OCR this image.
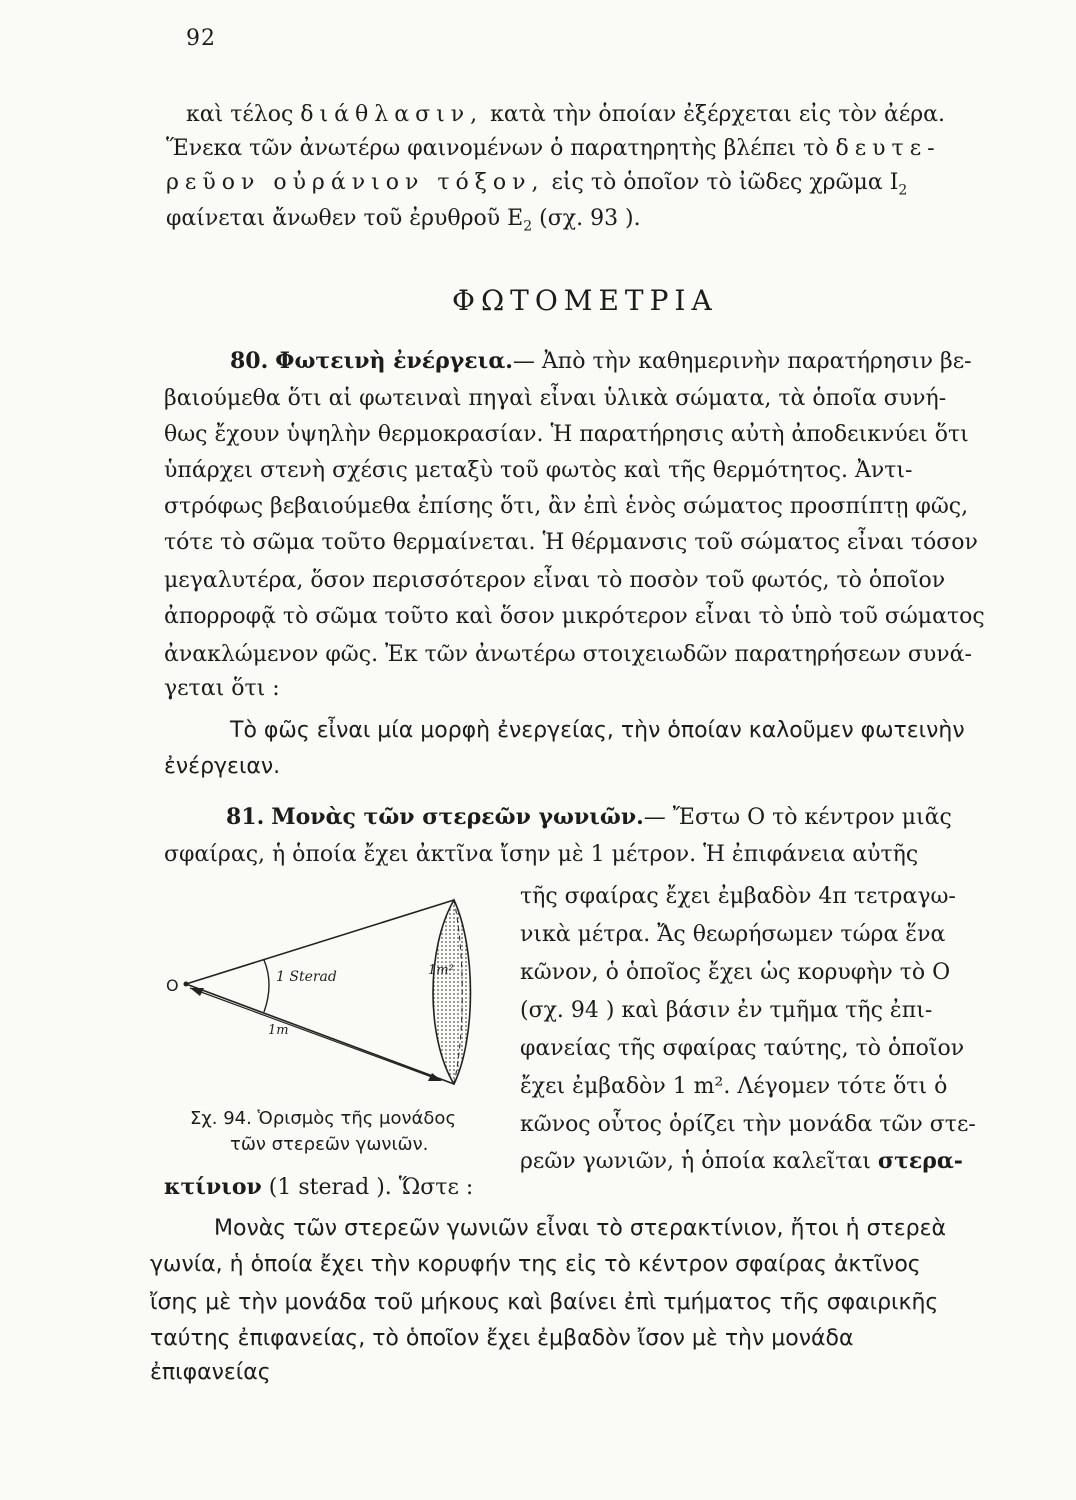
92
καὶ τέλος διάθλασιν, κατὰ τὴν ὁποίαν ἐξέρχεται εἰς τὸν ἀέρα.
Ἕνεκα τῶν ἀνωτέρω φαινομένων ὁ παρατηρητὴς βλέπει τὸ δευτε-
ρεῦον οὐράνιον τόξον, εἰς τὸ ὁποῖον τὸ ἰῶδες χρῶμα $I_2$
φαίνεται ἄνωθεν τοῦ ἐρυθροῦ $E_2$ (σχ. 93 ).
ΦΩΤΟΜΕΤΡΙΑ
80. Φωτεινὴ ἐνέργεια.— Ἀπὸ τὴν καθημερινὴν παρατήρησιν βε-
βαιούμεθα ὅτι αἱ φωτειναὶ πηγαὶ εἶναι ὑλικὰ σώματα, τὰ ὁποῖα συνή-
θως ἔχουν ὑψηλὴν θερμοκρασίαν. Ἡ παρατήρησις αὐτὴ ἀποδεικνύει ὅτι
ὑπάρχει στενὴ σχέσις μεταξὺ τοῦ φωτὸς καὶ τῆς θερμότητος. Ἀντι-
στρόφως βεβαιούμεθα ἐπίσης ὅτι, ἂν ἐπὶ ἑνὸς σώματος προσπίπτῃ φῶς,
τότε τὸ σῶμα τοῦτο θερμαίνεται. Ἡ θέρμανσις τοῦ σώματος εἶναι τόσον
μεγαλυτέρα, ὅσον περισσότερον εἶναι τὸ ποσὸν τοῦ φωτός, τὸ ὁποῖον
ἀπορροφᾷ τὸ σῶμα τοῦτο καὶ ὅσον μικρότερον εἶναι τὸ ὑπὸ τοῦ σώματος
ἀνακλώμενον φῶς. Ἐκ τῶν ἀνωτέρω στοιχειωδῶν παρατηρήσεων συνά-
γεται ὅτι :
Τὸ φῶς εἶναι μία μορφὴ ἐνεργείας, τὴν ὁποίαν καλοῦμεν φωτεινὴν
ἐνέργειαν.
81. Μονὰς τῶν στερεῶν γωνιῶν.— Ἔστω O τὸ κέντρον μιᾶς
σφαίρας, ἡ ὁποία ἔχει ἀκτῖνα ἴσην μὲ 1 μέτρον. Ἡ ἐπιφάνεια αὐτῆς
τῆς σφαίρας ἔχει ἐμβαδὸν 4π τετραγω-
νικὰ μέτρα. Ἄς θεωρήσωμεν τώρα ἕνα
κῶνον, ὁ ὁποῖος ἔχει ὡς κορυφὴν τὸ O
(σχ. 94 ) καὶ βάσιν ἐν τμῆμα τῆς ἐπι-
φανείας τῆς σφαίρας ταύτης, τὸ ὁποῖον
ἔχει ἐμβαδὸν 1 m². Λέγομεν τότε ὅτι ὁ
κῶνος οὗτος ὁρίζει τὴν μονάδα τῶν στε-
ρεῶν γωνιῶν, ἡ ὁποία καλεῖται στερα-
κτίνιον (1 sterad ). Ὥστε :
Μονὰς τῶν στερεῶν γωνιῶν εἶναι τὸ στερακτίνιον, ἤτοι ἡ στερεὰ
γωνία, ἡ ὁποία ἔχει τὴν κορυφήν της εἰς τὸ κέντρον σφαίρας ἀκτῖνος
ἴσης μὲ τὴν μονάδα τοῦ μήκους καὶ βαίνει ἐπὶ τμήματος τῆς σφαιρικῆς
ταύτης ἐπιφανείας, τὸ ὁποῖον ἔχει ἐμβαδὸν ἴσον μὲ τὴν μονάδα
ἐπιφανείας
O	1 Sterad	1m²
1m
Σχ. 94. Ὁρισμὸς τῆς μονάδος
τῶν στερεῶν γωνιῶν.
